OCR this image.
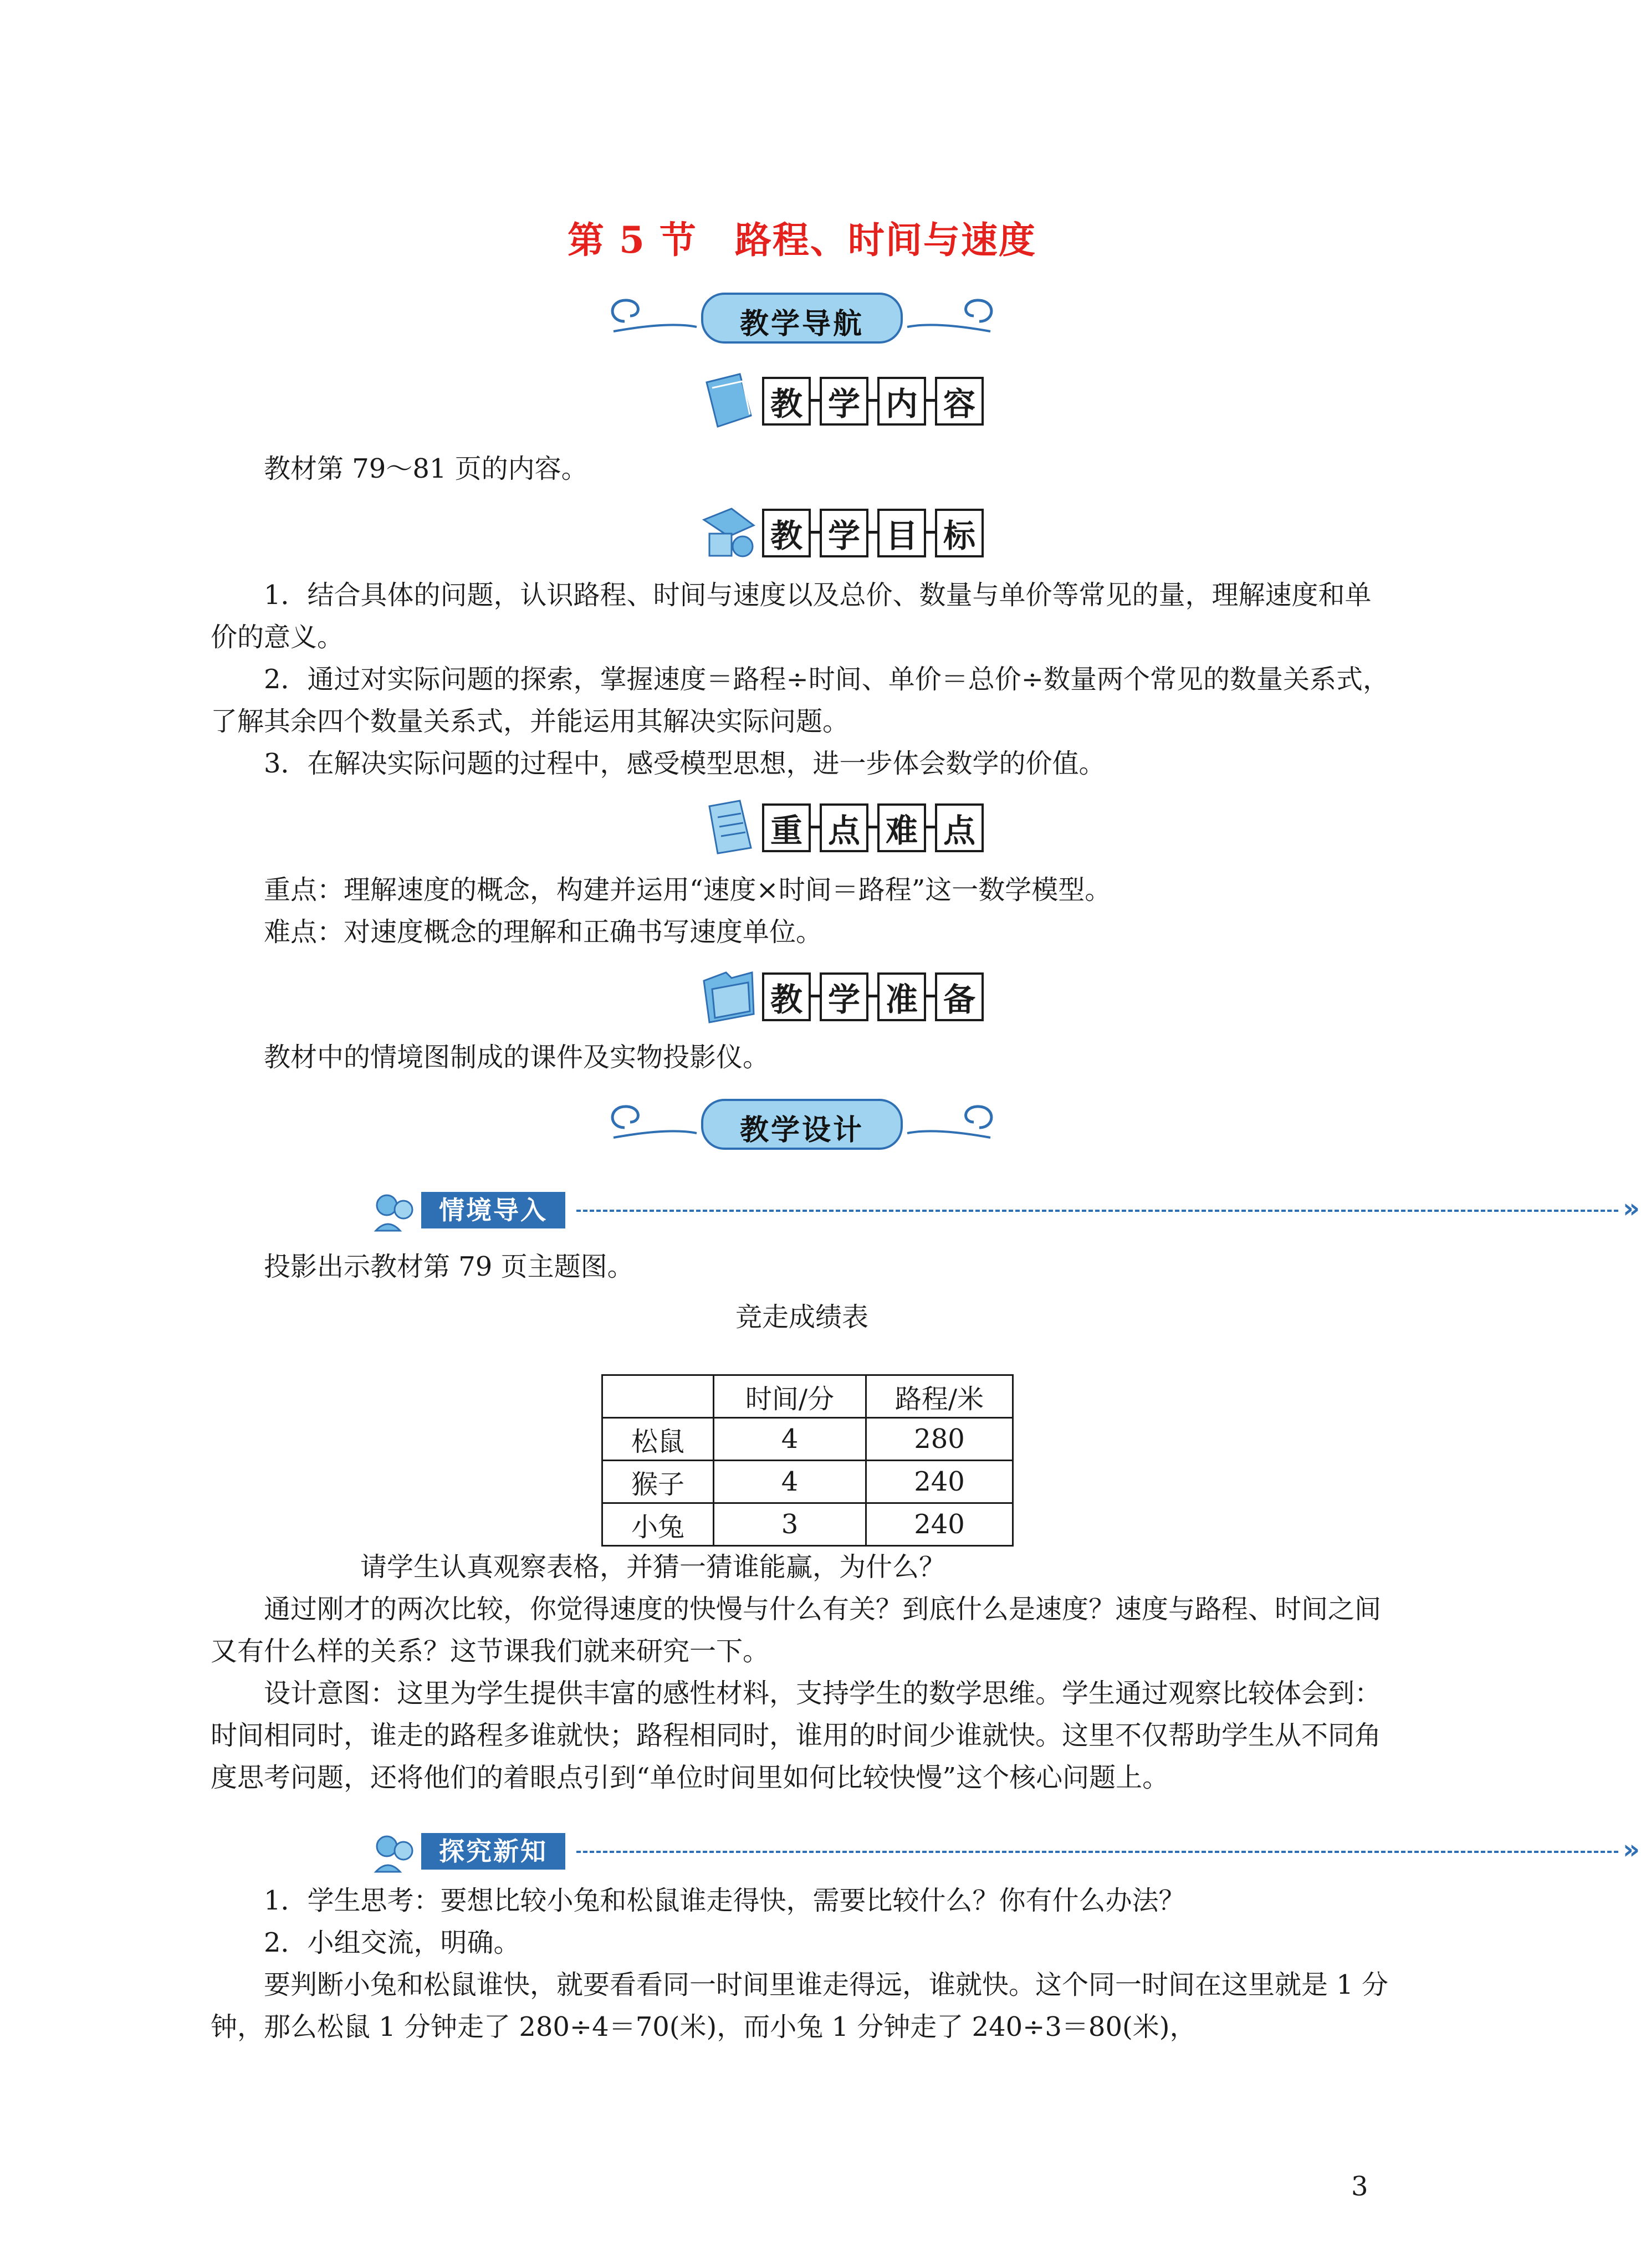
第 5 节　路程、时间与速度
教学导航
教 学 内 容

教材第 79～81 页的内容。

教 学 目 标

1．结合具体的问题，认识路程、时间与速度以及总价、数量与单价等常见的量，理解速度和单价的意义。

2．通过对实际问题的探索，掌握速度＝路程÷时间、单价＝总价÷数量两个常见的数量关系式，了解其余四个数量关系式，并能运用其解决实际问题。

3．在解决实际问题的过程中，感受模型思想，进一步体会数学的价值。

重 点 难 点

重点：理解速度的概念，构建并运用“速度×时间＝路程”这一数学模型。

难点：对速度概念的理解和正确书写速度单位。

教 学 准 备

教材中的情境图制成的课件及实物投影仪。

教学设计
情境导入	»

投影出示教材第 79 页主题图。

竞走成绩表
	时间/分	路程/米
松鼠	4	280
猴子	4	240
小兔	3	240

请学生认真观察表格，并猜一猜谁能赢，为什么？

通过刚才的两次比较，你觉得速度的快慢与什么有关？到底什么是速度？速度与路程、时间之间又有什么样的关系？这节课我们就来研究一下。

设计意图：这里为学生提供丰富的感性材料，支持学生的数学思维。学生通过观察比较体会到：时间相同时，谁走的路程多谁就快；路程相同时，谁用的时间少谁就快。这里不仅帮助学生从不同角度思考问题，还将他们的着眼点引到“单位时间里如何比较快慢”这个核心问题上。

探究新知	»

1．学生思考：要想比较小兔和松鼠谁走得快，需要比较什么？你有什么办法？

2．小组交流，明确。

要判断小兔和松鼠谁快，就要看看同一时间里谁走得远，谁就快。这个同一时间在这里就是 1 分钟，那么松鼠 1 分钟走了 280÷4＝70(米)，而小兔 1 分钟走了 240÷3＝80(米)，

3
